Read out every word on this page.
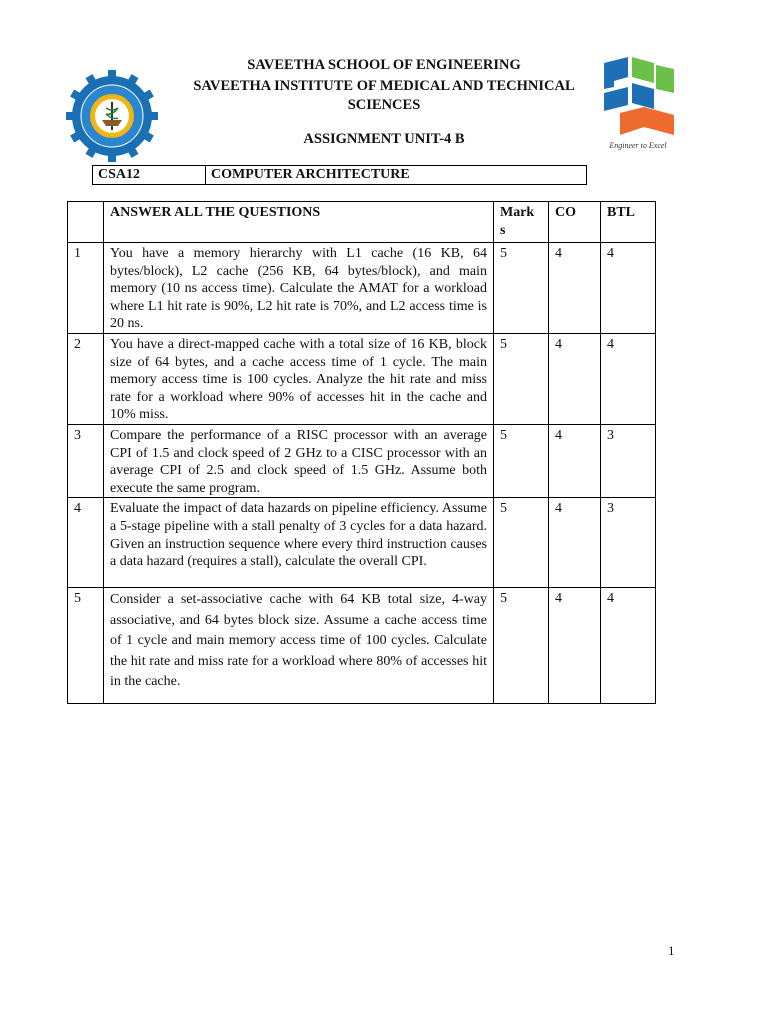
Engineer to Excel
SAVEETHA SCHOOL OF ENGINEERING
SAVEETHA INSTITUTE OF MEDICAL AND TECHNICAL
SCIENCES
ASSIGNMENT UNIT-4 B
CSA12	COMPUTER ARCHITECTURE
	ANSWER ALL THE QUESTIONS	Mark s	CO	BTL
1	You have a memory hierarchy with L1 cache (16 KB, 64 bytes/block), L2 cache (256 KB, 64 bytes/block), and main memory (10 ns access time). Calculate the AMAT for a workload where L1 hit rate is 90%, L2 hit rate is 70%, and L2 access time is 20 ns.	5	4	4
2	You have a direct-mapped cache with a total size of 16 KB, block size of 64 bytes, and a cache access time of 1 cycle. The main memory access time is 100 cycles. Analyze the hit rate and miss rate for a workload where 90% of accesses hit in the cache and 10% miss.	5	4	4
3	Compare the performance of a RISC processor with an average CPI of 1.5 and clock speed of 2 GHz to a CISC processor with an average CPI of 2.5 and clock speed of 1.5 GHz. Assume both execute the same program.	5	4	3
4	Evaluate the impact of data hazards on pipeline efficiency. Assume a 5-stage pipeline with a stall penalty of 3 cycles for a data hazard. Given an instruction sequence where every third instruction causes a data hazard (requires a stall), calculate the overall CPI.	5	4	3
5	Consider a set-associative cache with 64 KB total size, 4-way associative, and 64 bytes block size. Assume a cache access time of 1 cycle and main memory access time of 100 cycles. Calculate the hit rate and miss rate for a workload where 80% of accesses hit in the cache.	5	4	4
1
